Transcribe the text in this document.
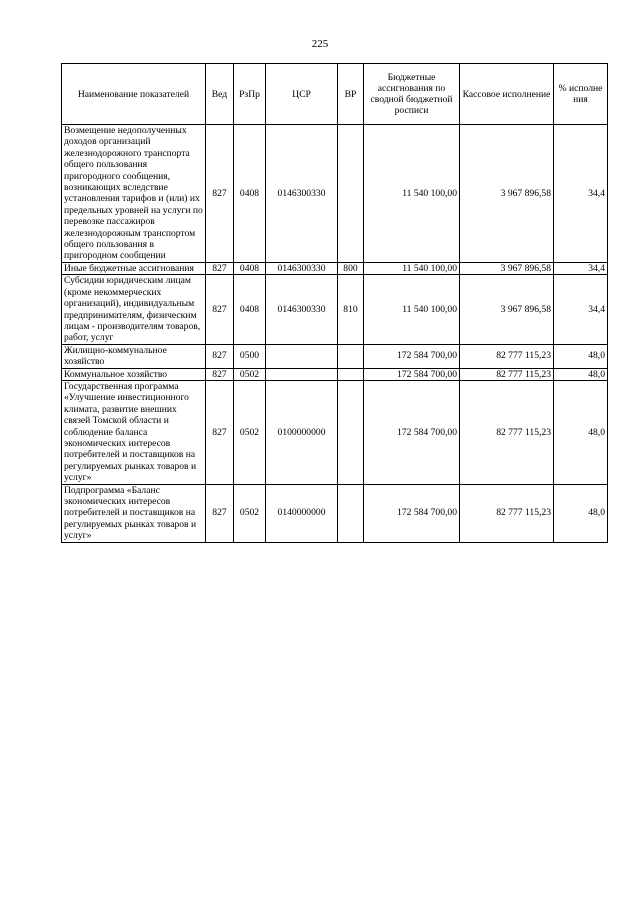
225
Наименование показателей	Вед	РзПр	ЦСР	ВР	Бюджетные ассигнования по сводной бюджетной росписи	Кассовое исполнение	% исполне ния
Возмещение недополученных доходов организаций железнодорожного транспорта общего пользования пригородного сообщения, возникающих вследствие установления тарифов и (или) их предельных уровней на услуги по перевозке пассажиров железнодорожным транспортом общего пользования в пригородном сообщении	827	0408	0146300330		11 540 100,00	3 967 896,58	34,4
Иные бюджетные ассигнования	827	0408	0146300330	800	11 540 100,00	3 967 896,58	34,4
Субсидии юридическим лицам (кроме некоммерческих организаций), индивидуальным предпринимателям, физическим лицам - производителям товаров, работ, услуг	827	0408	0146300330	810	11 540 100,00	3 967 896,58	34,4
Жилищно-коммунальное хозяйство	827	0500			172 584 700,00	82 777 115,23	48,0
Коммунальное хозяйство	827	0502			172 584 700,00	82 777 115,23	48,0
Государственная программа «Улучшение инвестиционного климата, развитие внешних связей Томской области и соблюдение баланса экономических интересов потребителей и поставщиков на регулируемых рынках товаров и услуг»	827	0502	0100000000		172 584 700,00	82 777 115,23	48,0
Подпрограмма «Баланс экономических интересов потребителей и поставщиков на регулируемых рынках товаров и услуг»	827	0502	0140000000		172 584 700,00	82 777 115,23	48,0
